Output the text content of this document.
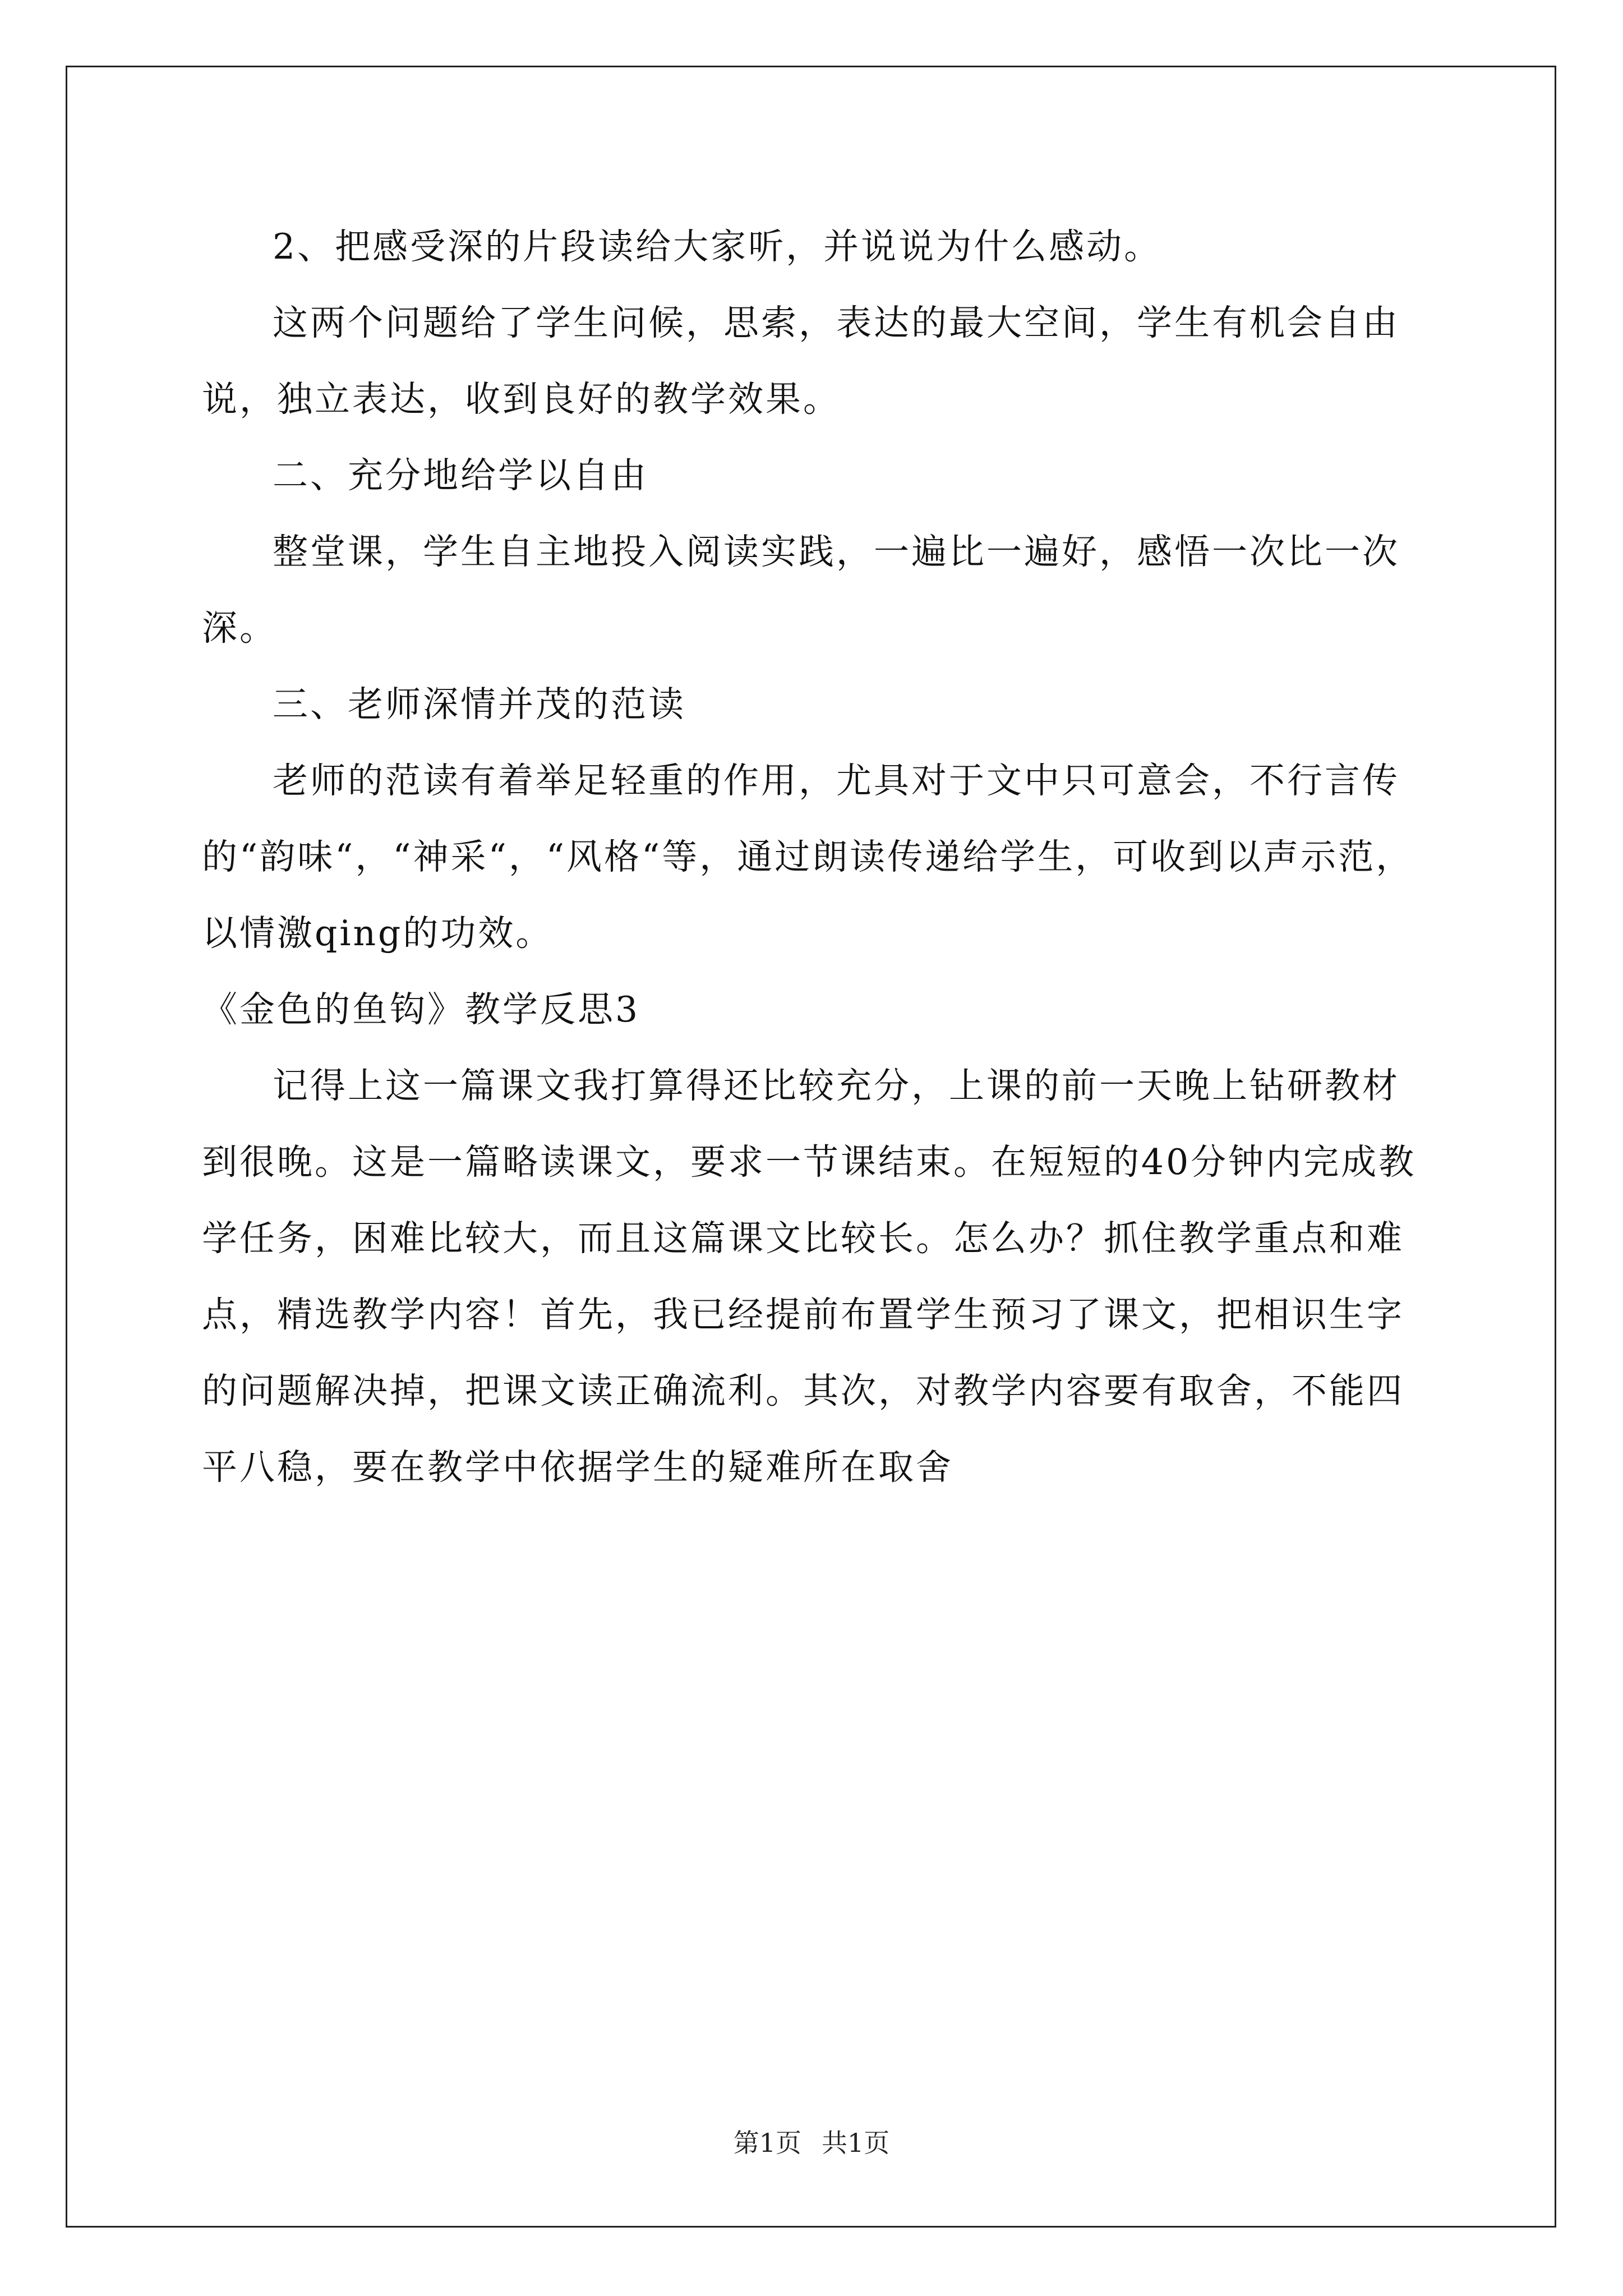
2、把感受深的片段读给大家听，并说说为什么感动。

这两个问题给了学生问候，思索，表达的最大空间，学生有机会自由说，独立表达，收到良好的教学效果。

二、充分地给学以自由

整堂课，学生自主地投入阅读实践，一遍比一遍好，感悟一次比一次深。

三、老师深情并茂的范读

老师的范读有着举足轻重的作用，尤具对于文中只可意会，不行言传的“韵味“，“神采“，“风格“等，通过朗读传递给学生，可收到以声示范，以情激qing的功效。

《金色的鱼钩》教学反思3

记得上这一篇课文我打算得还比较充分，上课的前一天晚上钻研教材到很晚。这是一篇略读课文，要求一节课结束。在短短的40分钟内完成教学任务，困难比较大，而且这篇课文比较长。怎么办？抓住教学重点和难点，精选教学内容！首先，我已经提前布置学生预习了课文，把相识生字的问题解决掉，把课文读正确流利。其次，对教学内容要有取舍，不能四平八稳，要在教学中依据学生的疑难所在取舍

第1页 共1页
